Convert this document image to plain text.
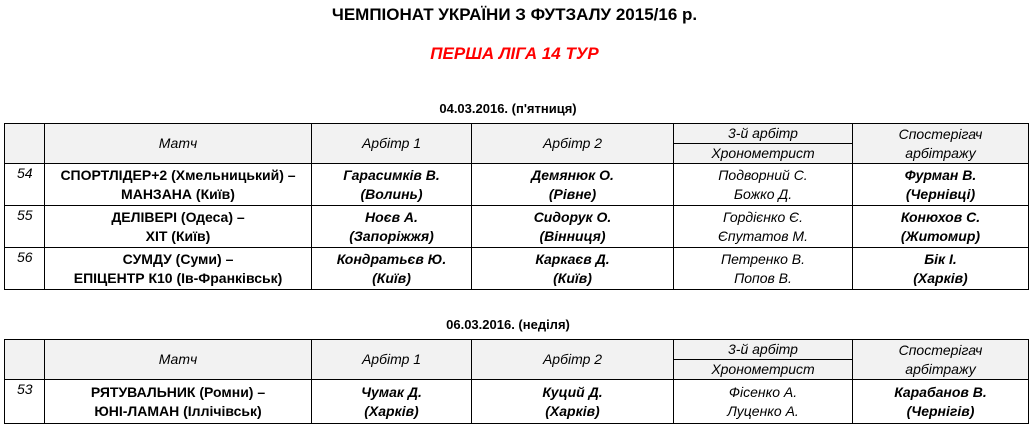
ЧЕМПІОНАТ УКРАЇНИ З ФУТЗАЛУ 2015/16 р.
ПЕРША ЛІГА 14 ТУР
04.03.2016. (п'ятниця)
	Матч	Арбітр 1	Арбітр 2	3-й арбітр	Спостерігач
арбітражу

				Хронометрист	
54	СПОРТЛІДЕР+2 (Хмельницький) –
МАНЗАНА (Київ)	Гарасимків В.
(Волинь)	Демянюк О.
(Рівне)	Подворний С.
Божко Д.	Фурман В.
(Чернівці)

55	ДЕЛІВЕРІ (Одеса) –
ХІТ (Київ)	Ноєв А.
(Запоріжжя)	Сидорук О.
(Вінниця)	Гордієнко Є.
Єпутатов М.	Конюхов С.
(Житомир)

56	СУМДУ (Суми) –
ЕПІЦЕНТР К10 (Ів-Франківськ)	Кондратьєв Ю.
(Київ)	Каркаєв Д.
(Київ)	Петренко В.
Попов В.	Бік І.
(Харків)
06.03.2016. (неділя)
	Матч	Арбітр 1	Арбітр 2	3-й арбітр	Спостерігач
арбітражу

				Хронометрист	
53	РЯТУВАЛЬНИК (Ромни) –
ЮНІ-ЛАМАН (Іллічівськ)	Чумак Д.
(Харків)	Куций Д.
(Харків)	Фісенко А.
Луценко А.	Карабанов В.
(Чернігів)
